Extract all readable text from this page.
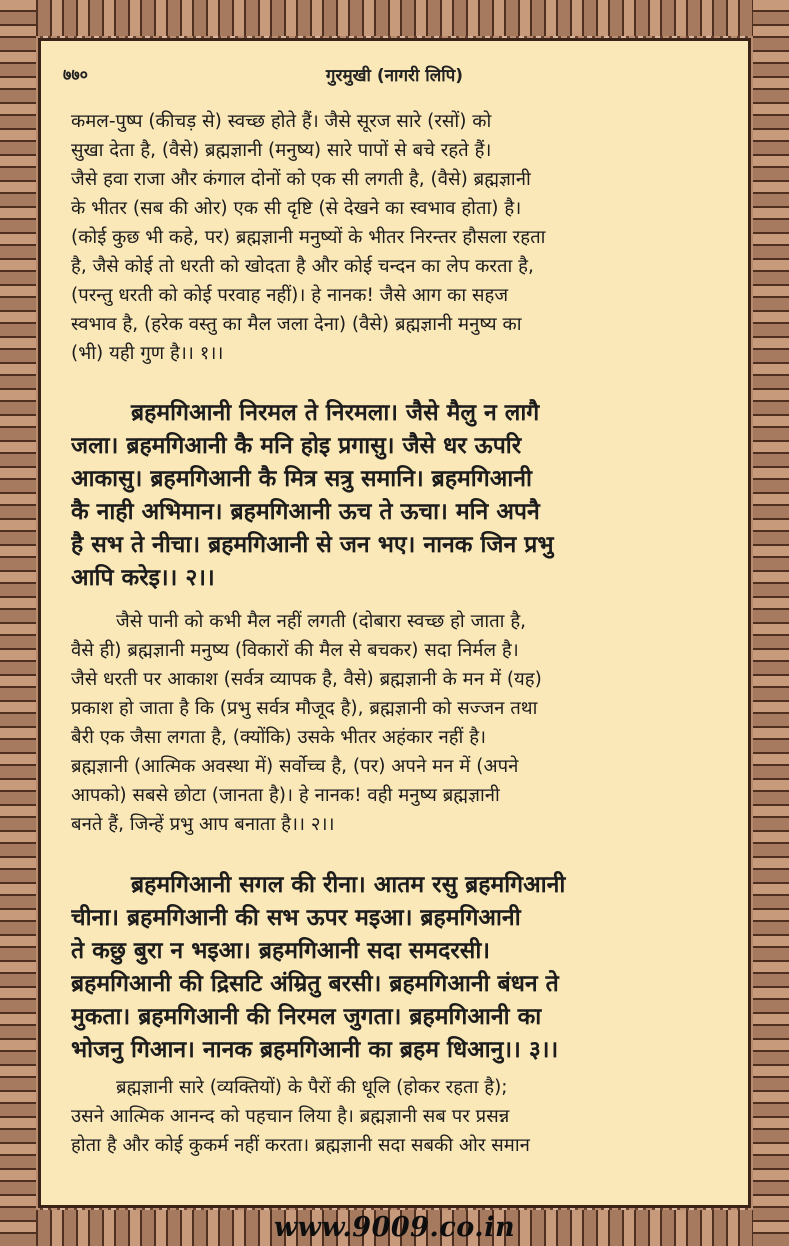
७७०	गुरमुखी (नागरी लिपि)
कमल-पुष्प (कीचड़ से) स्वच्छ होते हैं। जैसे सूरज सारे (रसों) को
सुखा देता है, (वैसे) ब्रह्मज्ञानी (मनुष्य) सारे पापों से बचे रहते हैं।
जैसे हवा राजा और कंगाल दोनों को एक सी लगती है, (वैसे) ब्रह्मज्ञानी
के भीतर (सब की ओर) एक सी दृष्टि (से देखने का स्वभाव होता) है।
(कोई कुछ भी कहे, पर) ब्रह्मज्ञानी मनुष्यों के भीतर निरन्तर हौसला रहता
है, जैसे कोई तो धरती को खोदता है और कोई चन्दन का लेप करता है,
(परन्तु धरती को कोई परवाह नहीं)। हे नानक! जैसे आग का सहज
स्वभाव है, (हरेक वस्तु का मैल जला देना) (वैसे) ब्रह्मज्ञानी मनुष्य का
(भी) यही गुण है।। १।।
ब्रहमगिआनी निरमल ते निरमला। जैसे मैलु न लागै
जला। ब्रहमगिआनी कै मनि होइ प्रगासु। जैसे धर ऊपरि
आकासु। ब्रहमगिआनी कै मित्र सत्रु समानि। ब्रहमगिआनी
कै नाही अभिमान। ब्रहमगिआनी ऊच ते ऊचा। मनि अपनै
है सभ ते नीचा। ब्रहमगिआनी से जन भए। नानक जिन प्रभु
आपि करेइ।। २।।
जैसे पानी को कभी मैल नहीं लगती (दोबारा स्वच्छ हो जाता है,
वैसे ही) ब्रह्मज्ञानी मनुष्य (विकारों की मैल से बचकर) सदा निर्मल है।
जैसे धरती पर आकाश (सर्वत्र व्यापक है, वैसे) ब्रह्मज्ञानी के मन में (यह)
प्रकाश हो जाता है कि (प्रभु सर्वत्र मौजूद है), ब्रह्मज्ञानी को सज्जन तथा
बैरी एक जैसा लगता है, (क्योंकि) उसके भीतर अहंकार नहीं है।
ब्रह्मज्ञानी (आत्मिक अवस्था में) सर्वोच्च है, (पर) अपने मन में (अपने
आपको) सबसे छोटा (जानता है)। हे नानक! वही मनुष्य ब्रह्मज्ञानी
बनते हैं, जिन्हें प्रभु आप बनाता है।। २।।
ब्रहमगिआनी सगल की रीना। आतम रसु ब्रहमगिआनी
चीना। ब्रहमगिआनी की सभ ऊपर मइआ। ब्रहमगिआनी
ते कछु बुरा न भइआ। ब्रहमगिआनी सदा समदरसी।
ब्रहमगिआनी की द्रिसटि अंम्रितु बरसी। ब्रहमगिआनी बंधन ते
मुकता। ब्रहमगिआनी की निरमल जुगता। ब्रहमगिआनी का
भोजनु गिआन। नानक ब्रहमगिआनी का ब्रहम धिआनु।। ३।।
ब्रह्मज्ञानी सारे (व्यक्तियों) के पैरों की धूलि (होकर रहता है);
उसने आत्मिक आनन्द को पहचान लिया है। ब्रह्मज्ञानी सब पर प्रसन्न
होता है और कोई कुकर्म नहीं करता। ब्रह्मज्ञानी सदा सबकी ओर समान
www.9009.co.in
